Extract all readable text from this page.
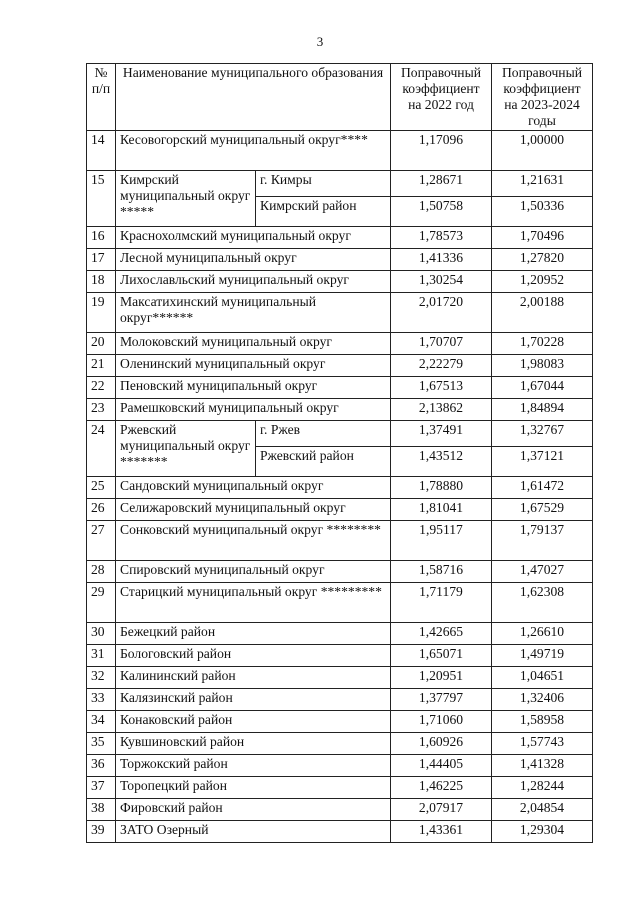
3
№
п/п	Наименование муниципального образования		Поправочный коэффициент на 2022 год	Поправочный коэффициент на 2023-2024 годы
14	Кесовогорский муниципальный округ****		1,17096	1,00000
15	Кимрский муниципальный округ *****	г. Кимры	1,28671	1,21631
		Кимрский район	1,50758	1,50336
16	Краснохолмский муниципальный округ		1,78573	1,70496
17	Лесной муниципальный округ		1,41336	1,27820
18	Лихославльский муниципальный округ		1,30254	1,20952
19	Максатихинский муниципальный округ******		2,01720	2,00188
20	Молоковский муниципальный округ		1,70707	1,70228
21	Оленинский муниципальный округ		2,22279	1,98083
22	Пеновский муниципальный округ		1,67513	1,67044
23	Рамешковский муниципальный округ		2,13862	1,84894
24	Ржевский муниципальный округ *******	г. Ржев	1,37491	1,32767
		Ржевский район	1,43512	1,37121
25	Сандовский муниципальный округ		1,78880	1,61472
26	Селижаровский муниципальный округ		1,81041	1,67529
27	Сонковский муниципальный округ ********		1,95117	1,79137
28	Спировский муниципальный округ		1,58716	1,47027
29	Старицкий муниципальный округ *********		1,71179	1,62308
30	Бежецкий район		1,42665	1,26610
31	Бологовский район		1,65071	1,49719
32	Калининский район		1,20951	1,04651
33	Калязинский район		1,37797	1,32406
34	Конаковский район		1,71060	1,58958
35	Кувшиновский район		1,60926	1,57743
36	Торжокский район		1,44405	1,41328
37	Торопецкий район		1,46225	1,28244
38	Фировский район		2,07917	2,04854
39	ЗАТО Озерный		1,43361	1,29304
